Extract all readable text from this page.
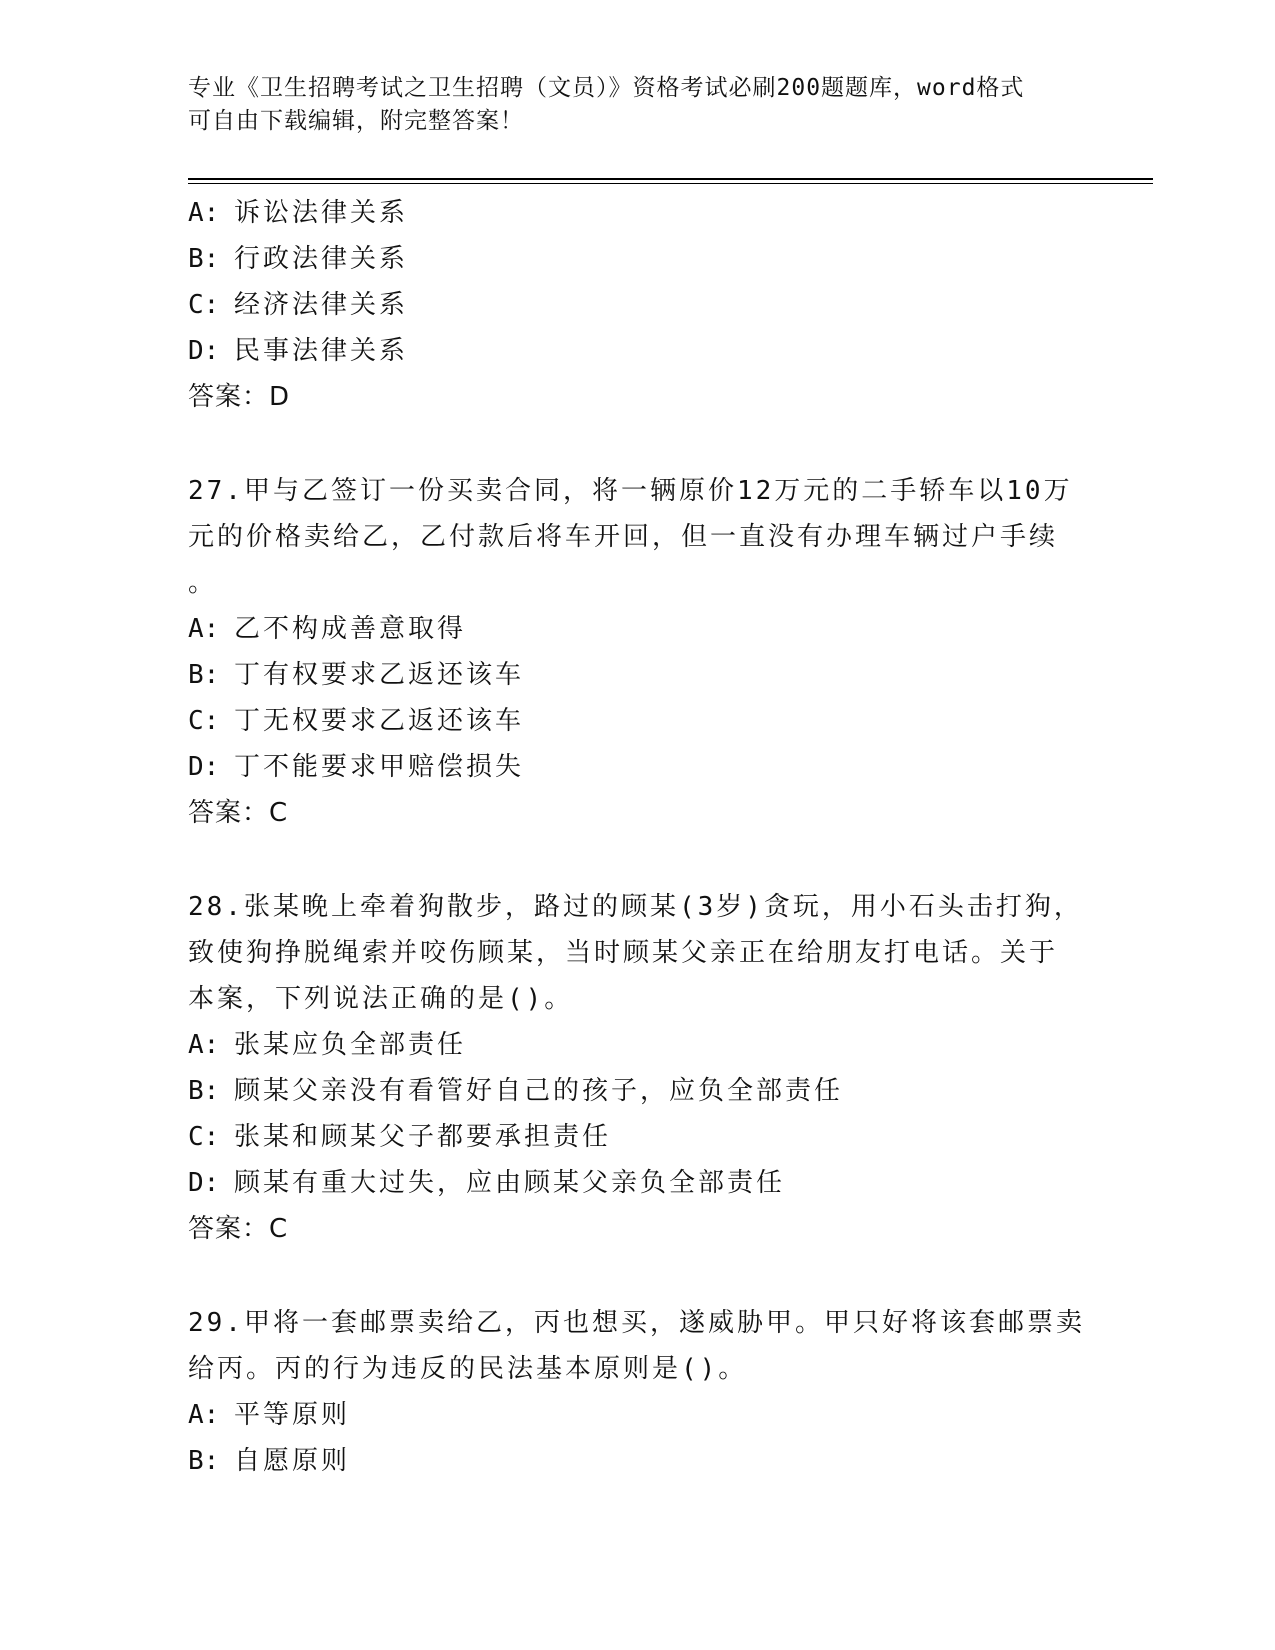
专业《卫生招聘考试之卫生招聘（文员）》资格考试必刷200题题库，word格式
可自由下载编辑，附完整答案！
A: 诉讼法律关系
B: 行政法律关系
C: 经济法律关系
D: 民事法律关系
答案：D
27.甲与乙签订一份买卖合同，将一辆原价12万元的二手轿车以10万
元的价格卖给乙，乙付款后将车开回，但一直没有办理车辆过户手续
。
A: 乙不构成善意取得
B: 丁有权要求乙返还该车
C: 丁无权要求乙返还该车
D: 丁不能要求甲赔偿损失
答案：C
28.张某晚上牵着狗散步，路过的顾某(3岁)贪玩，用小石头击打狗，
致使狗挣脱绳索并咬伤顾某，当时顾某父亲正在给朋友打电话。关于
本案，下列说法正确的是()。
A: 张某应负全部责任
B: 顾某父亲没有看管好自己的孩子，应负全部责任
C: 张某和顾某父子都要承担责任
D: 顾某有重大过失，应由顾某父亲负全部责任
答案：C
29.甲将一套邮票卖给乙，丙也想买，遂威胁甲。甲只好将该套邮票卖
给丙。丙的行为违反的民法基本原则是()。
A: 平等原则
B: 自愿原则
